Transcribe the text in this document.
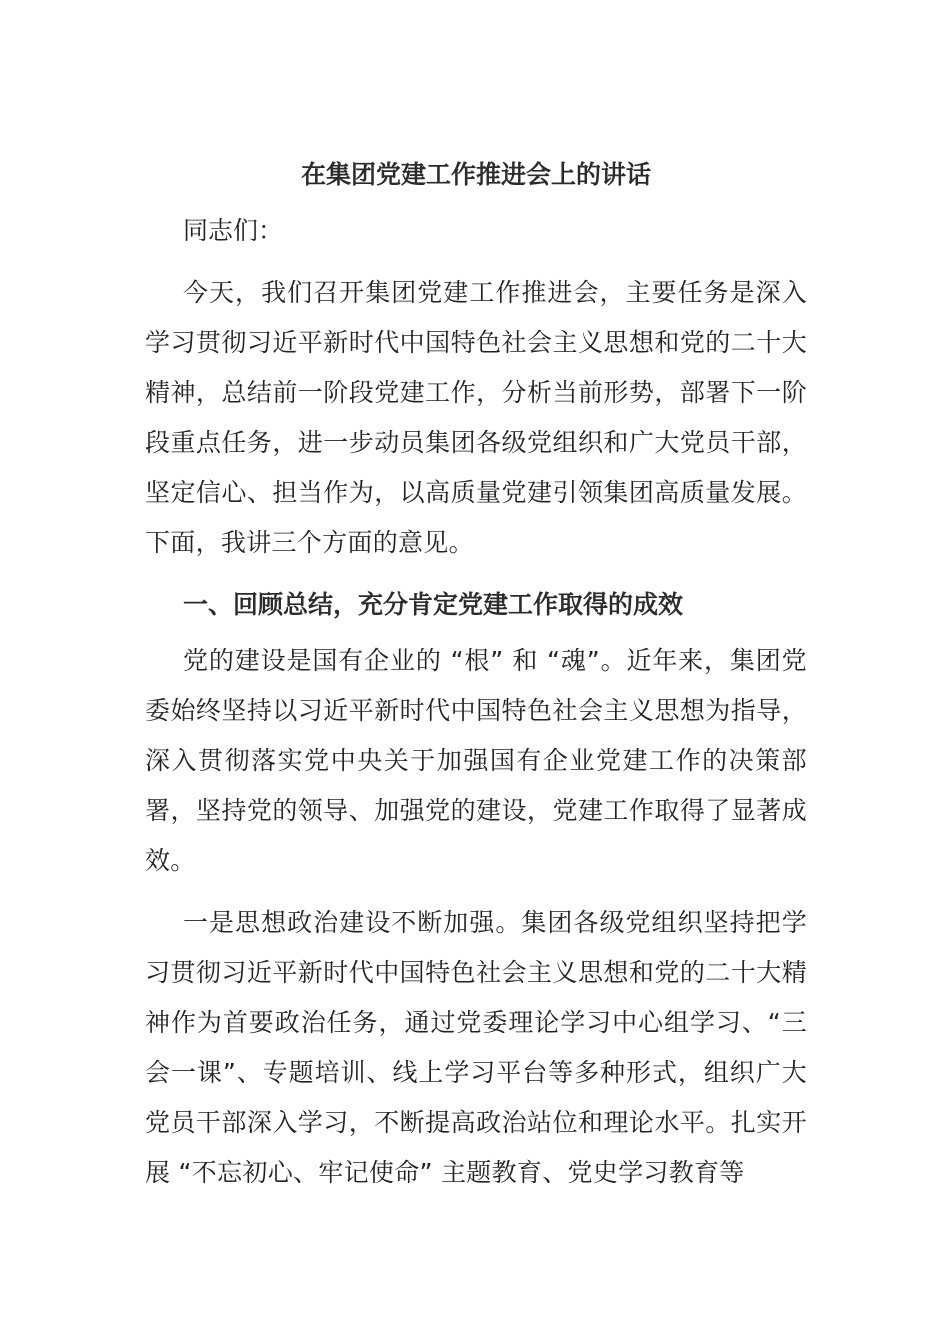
在集团党建工作推进会上的讲话

同志们：

今天，我们召开集团党建工作推进会，主要任务是深入学习贯彻习近平新时代中国特色社会主义思想和党的二十大精神，总结前一阶段党建工作，分析当前形势，部署下一阶段重点任务，进一步动员集团各级党组织和广大党员干部，坚定信心、担当作为，以高质量党建引领集团高质量发展。下面，我讲三个方面的意见。

一、回顾总结，充分肯定党建工作取得的成效

党的建设是国有企业的 “根” 和 “魂”。近年来，集团党委始终坚持以习近平新时代中国特色社会主义思想为指导，深入贯彻落实党中央关于加强国有企业党建工作的决策部署，坚持党的领导、加强党的建设，党建工作取得了显著成效。

一是思想政治建设不断加强。集团各级党组织坚持把学习贯彻习近平新时代中国特色社会主义思想和党的二十大精神作为首要政治任务，通过党委理论学习中心组学习、“三会一课”、专题培训、线上学习平台等多种形式，组织广大党员干部深入学习，不断提高政治站位和理论水平。扎实开展 “不忘初心、牢记使命” 主题教育、党史学习教育等
